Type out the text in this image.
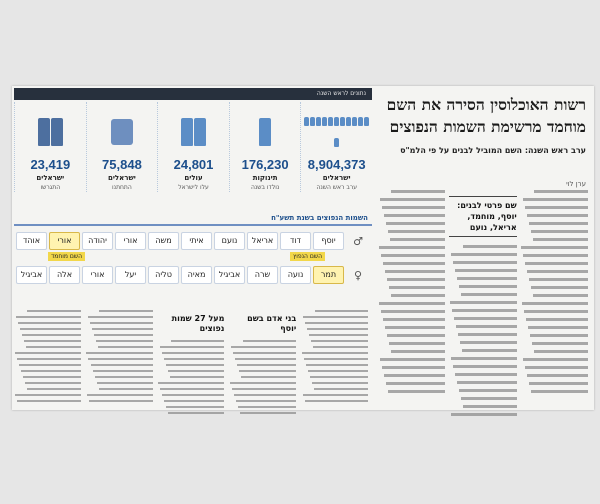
רשות האוכלוסין הסירה את השם מוחמד מרשימת השמות הנפוצים
ערב ראש השנה: השם המוביל לבנים על פי הלמ"ס
ערן לוי
שם פרטי לבנים: יוסף, מוחמד, אריאל, נועם
נתונים לראש השנה
8,904,373
ישראלים
ערב ראש השנה
176,230
תינוקות
נולדו בשנה
24,801
עולים
עלו לישראל
75,848
ישראלים
התחתנו
23,419
ישראלים
התגרשו
השמות הנפוצים בשנת תשע"ח
♂
יוסף
דוד
אריאל
נועם
איתי
משה
אורי
יהודה
אורי
אוהד
השם מוחמד	השם הנפוץ
♀
תמר
נועה
שרה
אביגיל
מאיה
טליה
יעל
אורי
אלה
אביגיל
בני אדם בשם יוסף
מעל 27 שמות נפוצים
